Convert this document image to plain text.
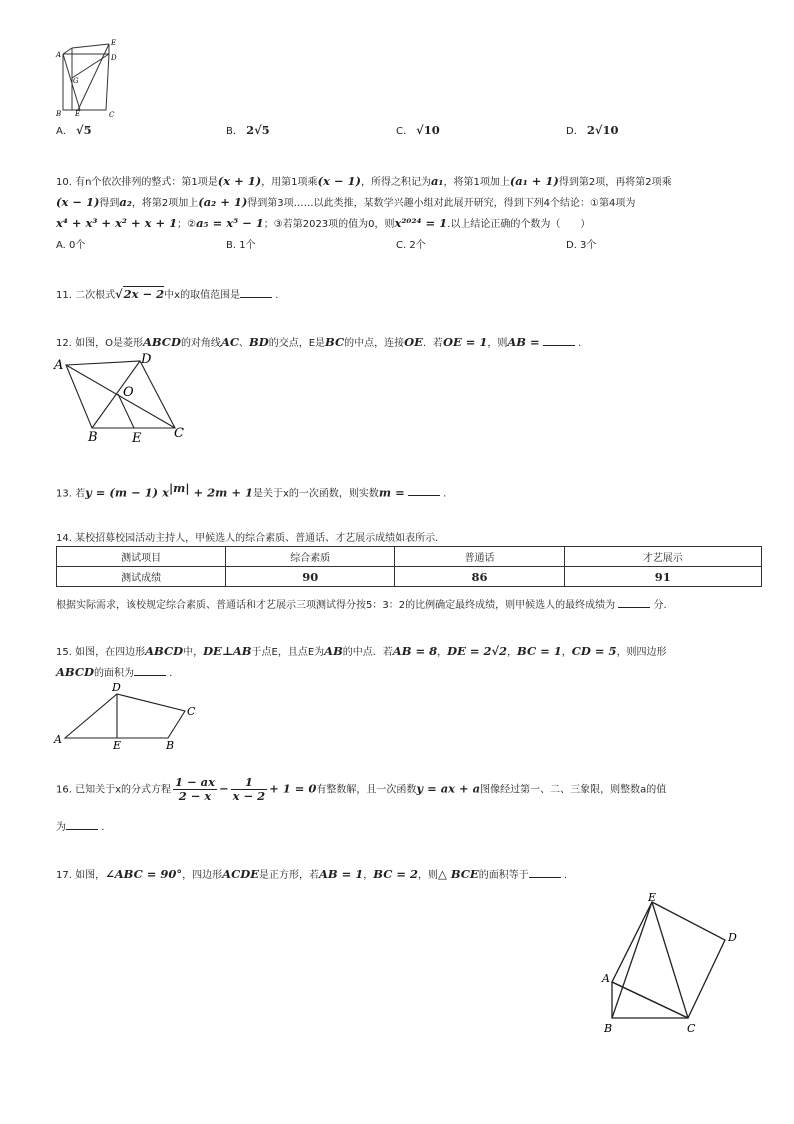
A
E
D
G
B E	C
A． √5	B． 2√5	C． √10	D． 2√10
10. 有n个依次排列的整式：第1项是(x + 1)，用第1项乘(x − 1)，所得之积记为a₁，将第1项加上(a₁ + 1)得到第2项，再将第2项乘
(x − 1)得到a₂，将第2项加上(a₂ + 1)得到第3项……以此类推，某数学兴趣小组对此展开研究，得到下列4个结论：①第4项为
x⁴ + x³ + x² + x + 1；②a₅ = x⁵ − 1；③若第2023项的值为0，则x²⁰²⁴ = 1.以上结论正确的个数为（　　）
A. 0个	B. 1个	C. 2个	D. 3个
11. 二次根式√2x − 2中x的取值范围是	.
12. 如图，O是菱形ABCD的对角线AC、BD的交点，E是BC的中点，连接OE．若OE = 1，则AB =	.
A	D
O
B	E	C
13. 若y = (m − 1) $x^{|m|} + 2m + 1$是关于x的一次函数，则实数m =	.
14. 某校招募校园活动主持人，甲候选人的综合素质、普通话、才艺展示成绩如表所示.
测试项目	综合素质	普通话	才艺展示
测试成绩	90	86	91
根据实际需求，该校规定综合素质、普通话和才艺展示三项测试得分按5：3：2的比例确定最终成绩，则甲候选人的最终成绩为	分.
15. 如图，在四边形ABCD中，DE⊥AB于点E，且点E为AB的中点．若AB = 8，DE = 2√2，BC = 1，CD = 5，则四边形
ABCD的面积为	.
D
C
A	E	B
16. 已知关于x的分式方程 $\frac{1 - ax}{2 - x} - \frac{1}{x - 2} + 1 = 0$有整数解，且一次函数y = ax + a图像经过第一、二、三象限，则整数a的值
为	.
17. 如图，∠ABC = 90°，四边形ACDE是正方形，若AB = 1，BC = 2，则△ BCE的面积等于	.
E
D
A
B	C
